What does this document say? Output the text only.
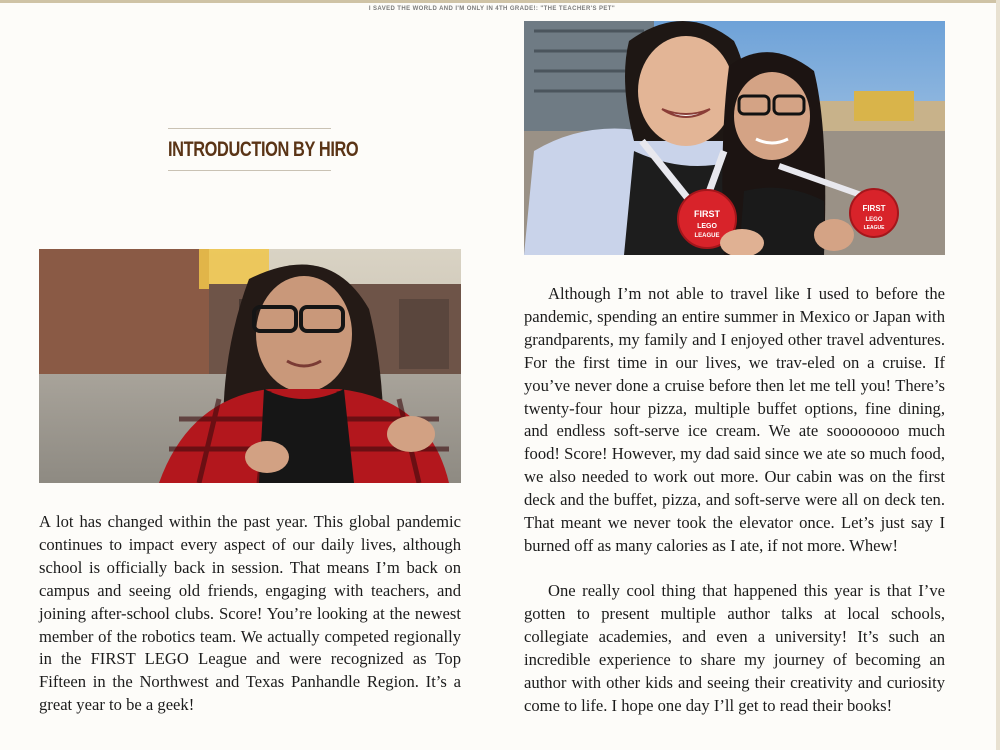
I SAVED THE WORLD AND I'M ONLY IN 4TH GRADE!: "THE TEACHER'S PET"
INTRODUCTION BY HIRO
FIRST
LEGO
LEAGUE
FIRST
LEGO
LEAGUE

A lot has changed within the past year. This global pandemic continues to impact every aspect of our daily lives, although school is officially back in session. That means I’m back on campus and seeing old friends, engaging with teachers, and joining after-school clubs. Score! You’re looking at the newest member of the robotics team. We actually competed regionally in the FIRST LEGO League and were recognized as Top Fifteen in the Northwest and Texas Panhandle Region. It’s a great year to be a geek!

Although I’m not able to travel like I used to before the pandemic, spending an entire summer in Mexico or Japan with grandparents, my family and I enjoyed other travel adventures. For the first time in our lives, we trav-eled on a cruise. If you’ve never done a cruise before then let me tell you! There’s twenty-four hour pizza, multiple buffet options, fine dining, and endless soft-serve ice cream. We ate soooooooo much food! Score! However, my dad said since we ate so much food, we also needed to work out more. Our cabin was on the first deck and the buffet, pizza, and soft-serve were all on deck ten. That meant we never took the elevator once. Let’s just say I burned off as many calories as I ate, if not more. Whew!

One really cool thing that happened this year is that I’ve gotten to present multiple author talks at local schools, collegiate academies, and even a university! It’s such an incredible experience to share my journey of becoming an author with other kids and seeing their creativity and curiosity come to life. I hope one day I’ll get to read their books!
